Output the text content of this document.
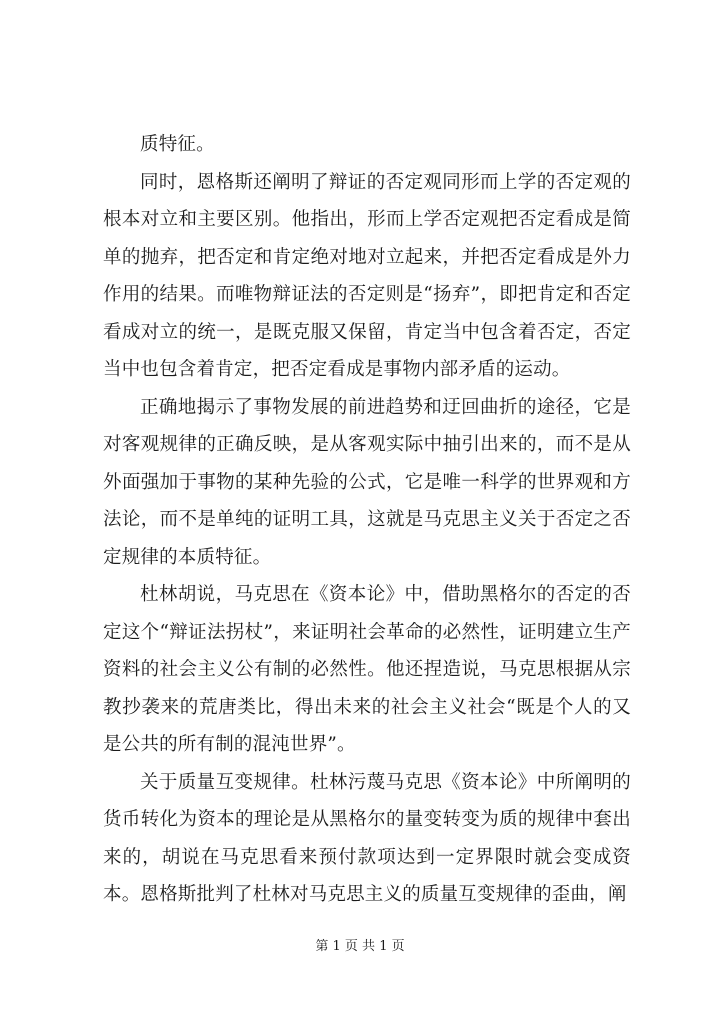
质特征。

同时，恩格斯还阐明了辩证的否定观同形而上学的否定观的根本对立和主要区别。他指出，形而上学否定观把否定看成是简单的抛弃，把否定和肯定绝对地对立起来，并把否定看成是外力作用的结果。而唯物辩证法的否定则是“扬弃”，即把肯定和否定看成对立的统一，是既克服又保留，肯定当中包含着否定，否定当中也包含着肯定，把否定看成是事物内部矛盾的运动。

正确地揭示了事物发展的前进趋势和迂回曲折的途径，它是对客观规律的正确反映，是从客观实际中抽引出来的，而不是从外面强加于事物的某种先验的公式，它是唯一科学的世界观和方法论，而不是单纯的证明工具，这就是马克思主义关于否定之否定规律的本质特征。

杜林胡说，马克思在《资本论》中，借助黑格尔的否定的否定这个“辩证法拐杖”，来证明社会革命的必然性，证明建立生产资料的社会主义公有制的必然性。他还捏造说，马克思根据从宗教抄袭来的荒唐类比，得出未来的社会主义社会“既是个人的又是公共的所有制的混沌世界”。

关于质量互变规律。杜林污蔑马克思《资本论》中所阐明的货币转化为资本的理论是从黑格尔的量变转变为质的规律中套出来的，胡说在马克思看来预付款项达到一定界限时就会变成资本。恩格斯批判了杜林对马克思主义的质量互变规律的歪曲，阐

第 1 页 共 1 页
